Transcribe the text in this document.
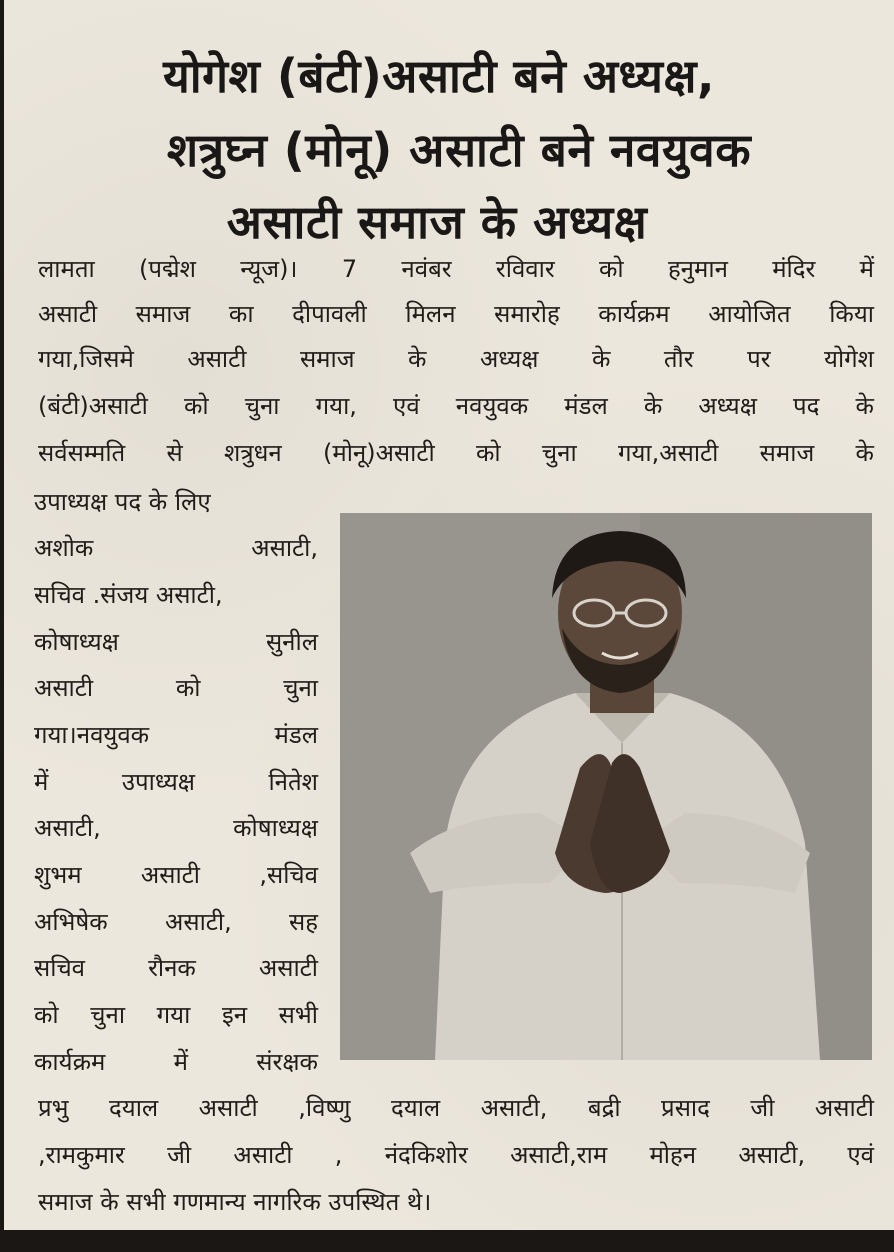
योगेश (बंटी)असाटी बने अध्यक्ष,
शत्रुघ्न (मोनू) असाटी बने नवयुवक
असाटी समाज के अध्यक्ष
लामता (पद्मेश न्यूज)। 7 नवंबर रविवार को हनुमान मंदिर में
असाटी समाज का दीपावली मिलन समारोह कार्यक्रम आयोजित किया
गया,जिसमे असाटी समाज के अध्यक्ष के तौर पर योगेश
(बंटी)असाटी को चुना गया, एवं नवयुवक मंडल के अध्यक्ष पद के
सर्वसम्मति से शत्रुधन (मोनू)असाटी को चुना गया,असाटी समाज के
उपाध्यक्ष पद के लिए
अशोक असाटी,
सचिव .संजय असाटी,
कोषाध्यक्ष सुनील
असाटी को चुना
गया।नवयुवक मंडल
में उपाध्यक्ष नितेश
असाटी, कोषाध्यक्ष
शुभम असाटी ,सचिव
अभिषेक असाटी, सह
सचिव रौनक असाटी
को चुना गया इन सभी
कार्यक्रम में संरक्षक
प्रभु दयाल असाटी ,विष्णु दयाल असाटी, बद्री प्रसाद जी असाटी
,रामकुमार जी असाटी , नंदकिशोर असाटी,राम मोहन असाटी, एवं
समाज के सभी गणमान्य नागरिक उपस्थित थे।
